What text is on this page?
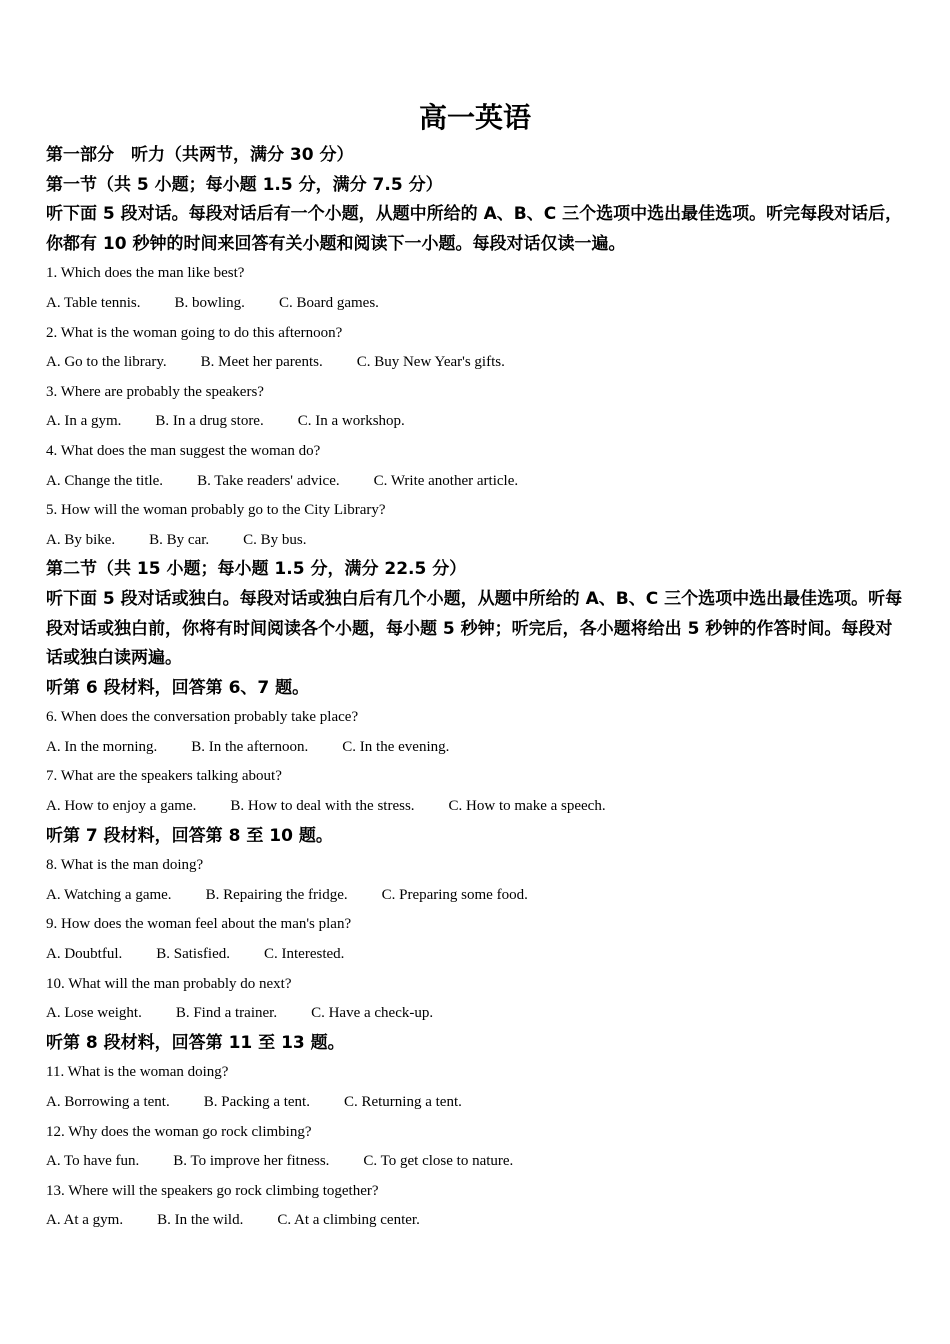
高一英语
第一部分　听力（共两节，满分 30 分）
第一节（共 5 小题；每小题 1.5 分，满分 7.5 分）
听下面 5 段对话。每段对话后有一个小题，从题中所给的 A、B、C 三个选项中选出最佳选项。听完每段对话后，你都有 10 秒钟的时间来回答有关小题和阅读下一小题。每段对话仅读一遍。
1. Which does the man like best?
A. Table tennis. B. bowling. C. Board games.
2. What is the woman going to do this afternoon?
A. Go to the library. B. Meet her parents. C. Buy New Year's gifts.
3. Where are probably the speakers?
A. In a gym. B. In a drug store. C. In a workshop.
4. What does the man suggest the woman do?
A. Change the title. B. Take readers' advice. C. Write another article.
5. How will the woman probably go to the City Library?
A. By bike. B. By car. C. By bus.
第二节（共 15 小题；每小题 1.5 分，满分 22.5 分）
听下面 5 段对话或独白。每段对话或独白后有几个小题，从题中所给的 A、B、C 三个选项中选出最佳选项。听每段对话或独白前，你将有时间阅读各个小题，每小题 5 秒钟；听完后，各小题将给出 5 秒钟的作答时间。每段对话或独白读两遍。
听第 6 段材料，回答第 6、7 题。
6. When does the conversation probably take place?
A. In the morning. B. In the afternoon. C. In the evening.
7. What are the speakers talking about?
A. How to enjoy a game. B. How to deal with the stress. C. How to make a speech.
听第 7 段材料，回答第 8 至 10 题。
8. What is the man doing?
A. Watching a game. B. Repairing the fridge. C. Preparing some food.
9. How does the woman feel about the man's plan?
A. Doubtful. B. Satisfied. C. Interested.
10. What will the man probably do next?
A. Lose weight. B. Find a trainer. C. Have a check-up.
听第 8 段材料，回答第 11 至 13 题。
11. What is the woman doing?
A. Borrowing a tent. B. Packing a tent. C. Returning a tent.
12. Why does the woman go rock climbing?
A. To have fun. B. To improve her fitness. C. To get close to nature.
13. Where will the speakers go rock climbing together?
A. At a gym. B. In the wild. C. At a climbing center.
